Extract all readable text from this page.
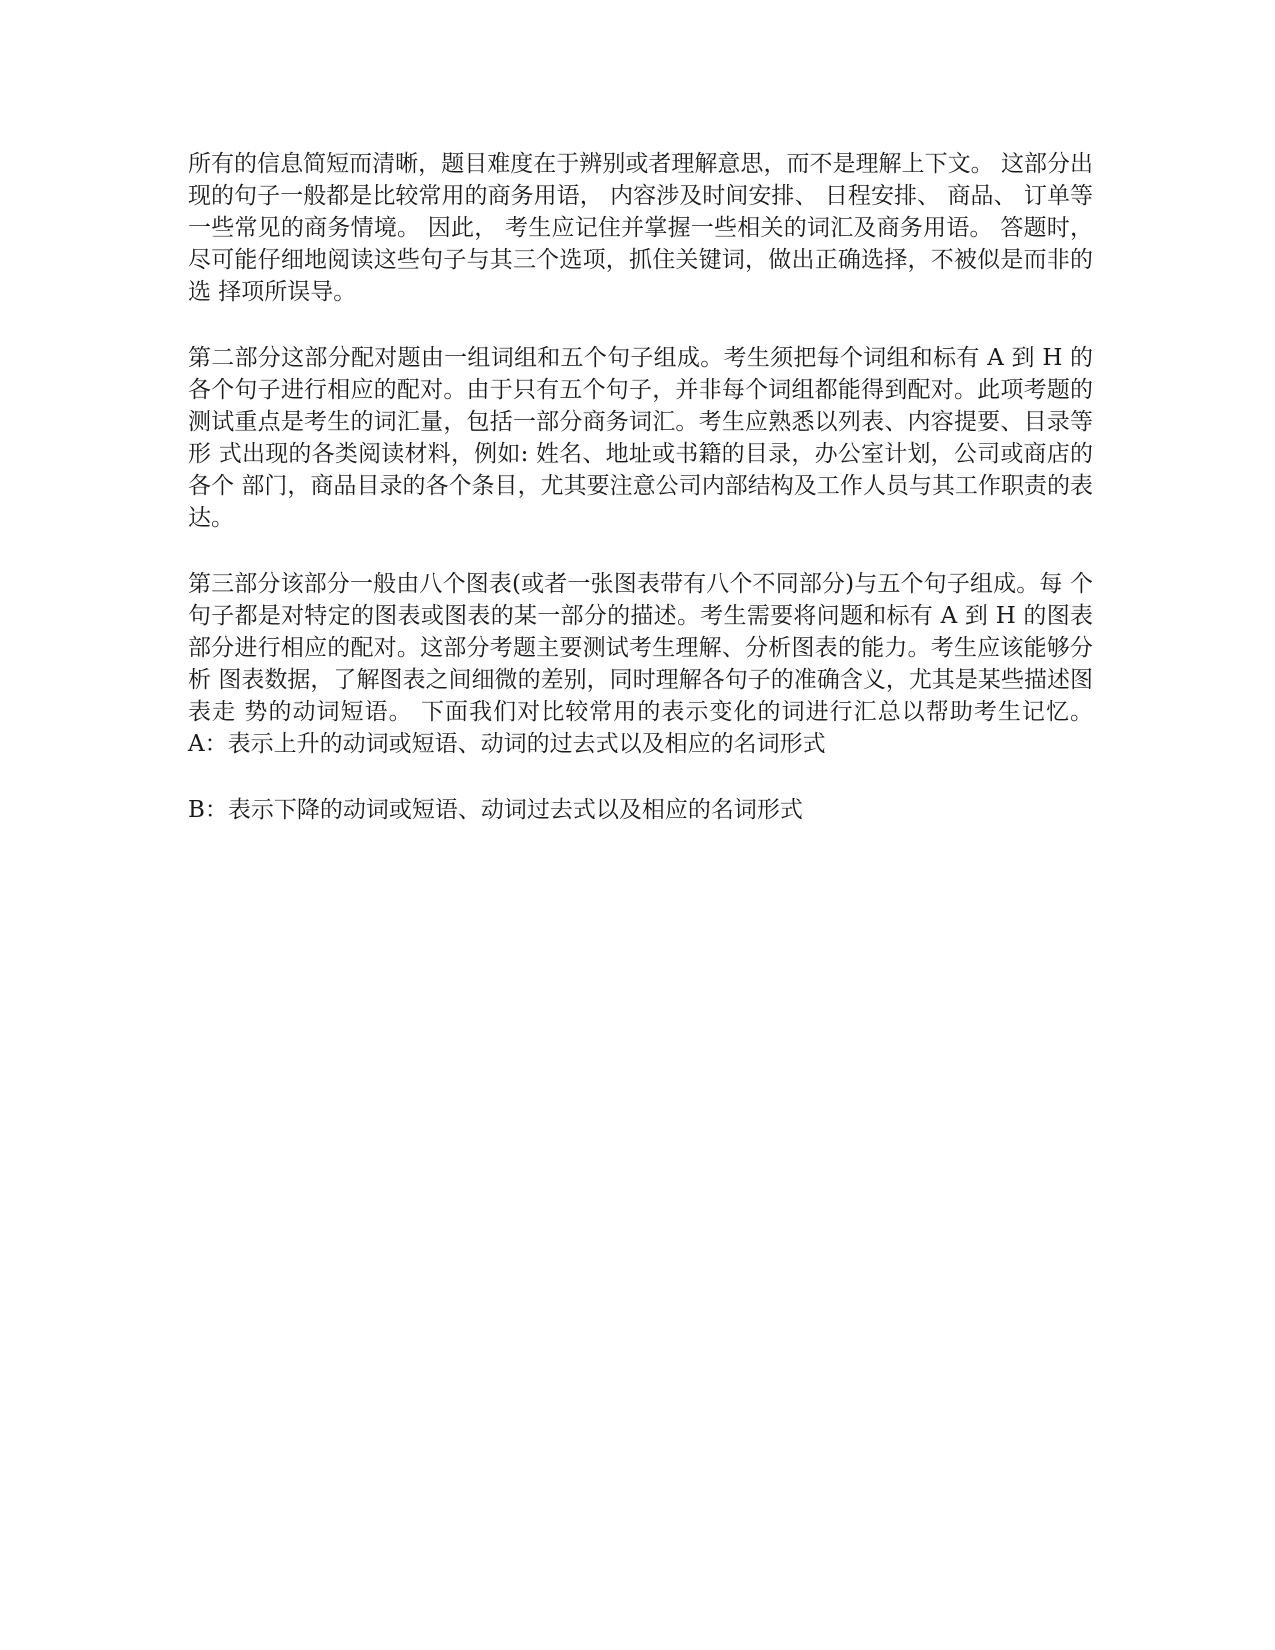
所有的信息简短而清晰，题目难度在于辨别或者理解意思，而不是理解上下文。 这部分出现的句子一般都是比较常用的商务用语， 内容涉及时间安排、 日程安排、 商品、 订单等一些常见的商务情境。 因此， 考生应记住并掌握一些相关的词汇及商务用语。 答题时， 尽可能仔细地阅读这些句子与其三个选项，抓住关键词，做出正确选择，不被似是而非的选 择项所误导。

第二部分这部分配对题由一组词组和五个句子组成。考生须把每个词组和标有 A 到 H 的各个句子进行相应的配对。由于只有五个句子，并非每个词组都能得到配对。此项考题的 测试重点是考生的词汇量，包括一部分商务词汇。考生应熟悉以列表、内容提要、目录等形 式出现的各类阅读材料，例如: 姓名、地址或书籍的目录，办公室计划，公司或商店的各个 部门，商品目录的各个条目，尤其要注意公司内部结构及工作人员与其工作职责的表达。

第三部分该部分一般由八个图表(或者一张图表带有八个不同部分)与五个句子组成。每 个句子都是对特定的图表或图表的某一部分的描述。考生需要将问题和标有 A 到 H 的图表 部分进行相应的配对。这部分考题主要测试考生理解、分析图表的能力。考生应该能够分析 图表数据，了解图表之间细微的差别，同时理解各句子的准确含义，尤其是某些描述图表走 势的动词短语。 下面我们对比较常用的表示变化的词进行汇总以帮助考生记忆。 A：表示上升的动词或短语、动词的过去式以及相应的名词形式

B：表示下降的动词或短语、动词过去式以及相应的名词形式
